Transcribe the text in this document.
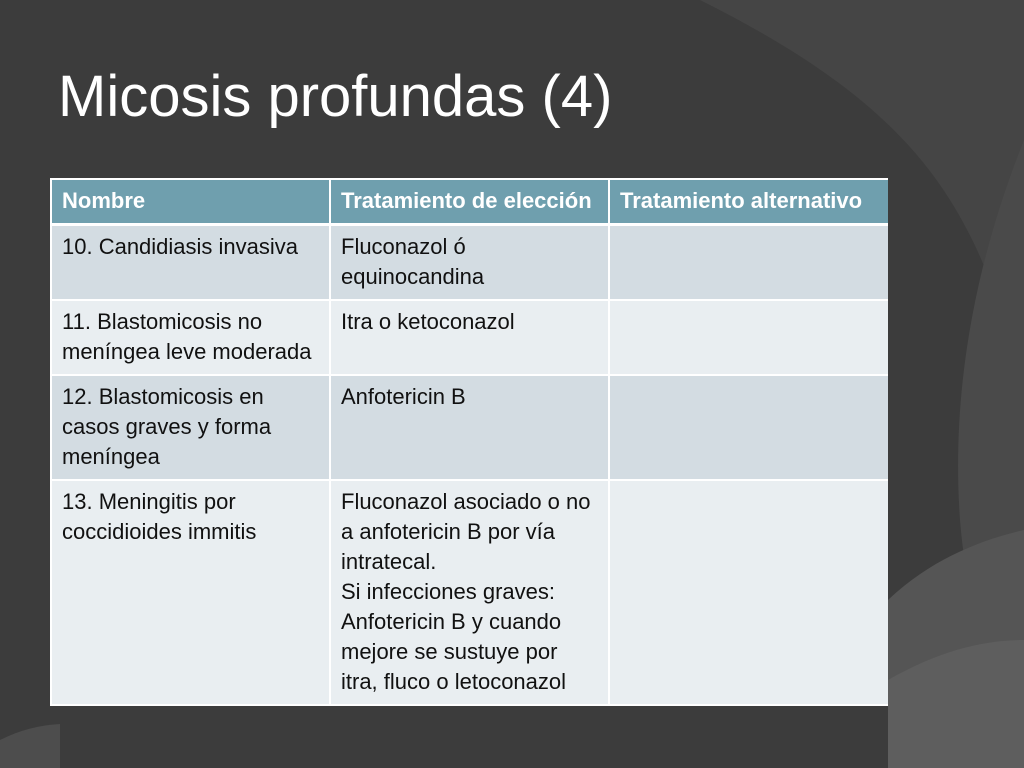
Micosis profundas (4)
Nombre	Tratamiento de elección	Tratamiento alternativo
10. Candidiasis invasiva	Fluconazol ó equinocandina	

11. Blastomicosis no meníngea leve moderada	Itra o ketoconazol	

12. Blastomicosis en casos graves y forma meníngea	Anfotericin B	

13. Meningitis por coccidioides immitis	Fluconazol asociado o no a anfotericin B por vía intratecal.
Si infecciones graves: Anfotericin B y cuando mejore se sustuye por itra, fluco o letoconazol	
